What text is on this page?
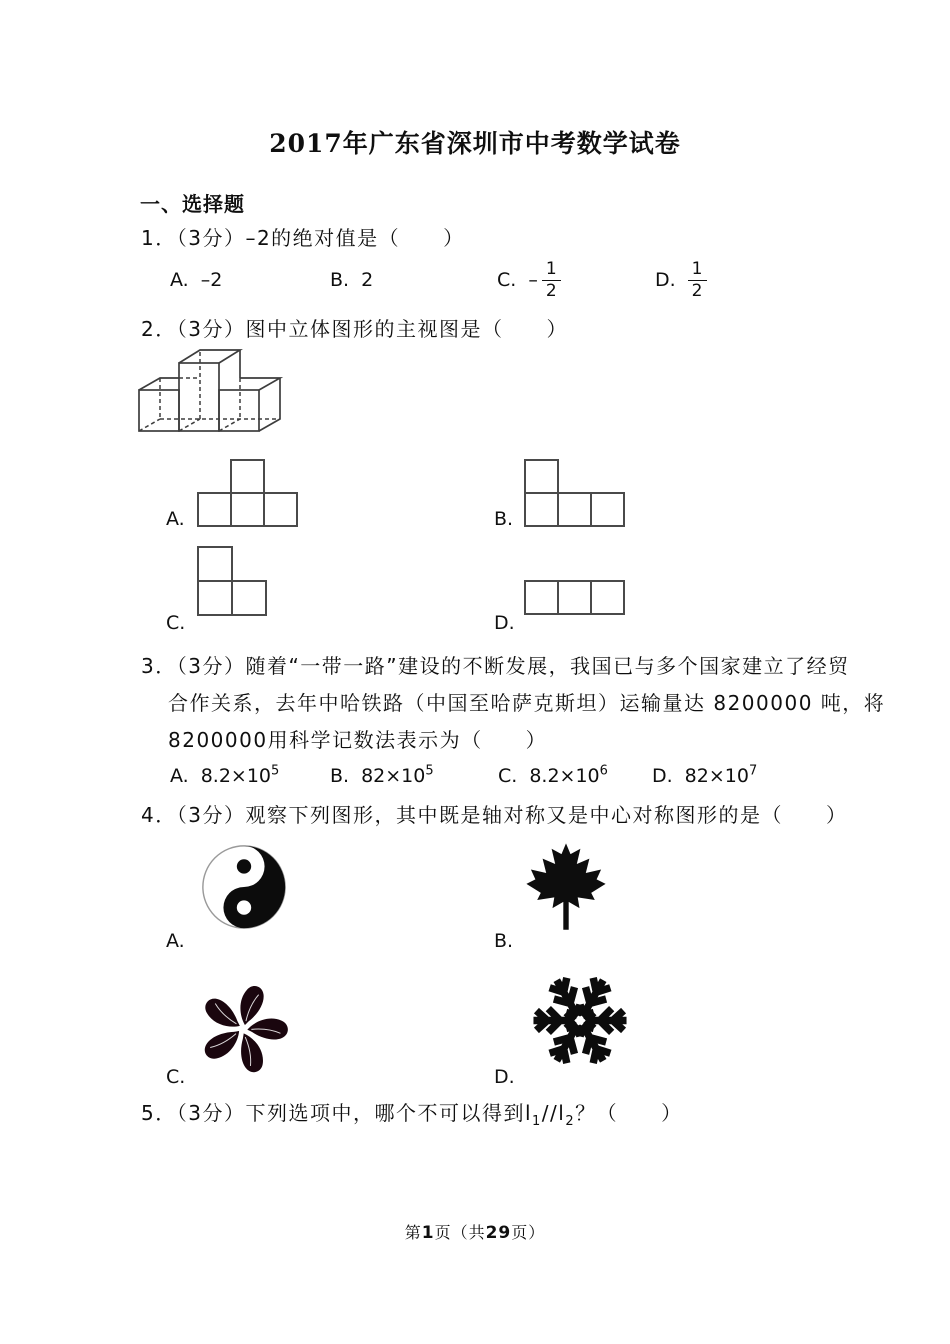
2017年广东省深圳市中考数学试卷
一、选择题
1．（3分）–2的绝对值是（　　）
A. –2	B. 2	C. – $\frac{1}{2}$	D. $\frac{1}{2}$
2．（3分）图中立体图形的主视图是（　　）
A.	B.
C.	D.
3．（3分）随着“一带一路”建设的不断发展，我国已与多个国家建立了经贸
合作关系，去年中哈铁路（中国至哈萨克斯坦）运输量达 8200000 吨，将
8200000用科学记数法表示为（　　）
A. $8.2\times 10^5$	B. $82\times 10^5$	C. $8.2\times 10^6$ D. $82\times 10^7$
4．（3分）观察下列图形，其中既是轴对称又是中心对称图形的是（　　）
A.	B.
C.	D.
5．（3分）下列选项中，哪个不可以得到$l_1//l_2$？（　　）
第1页（共29页）
